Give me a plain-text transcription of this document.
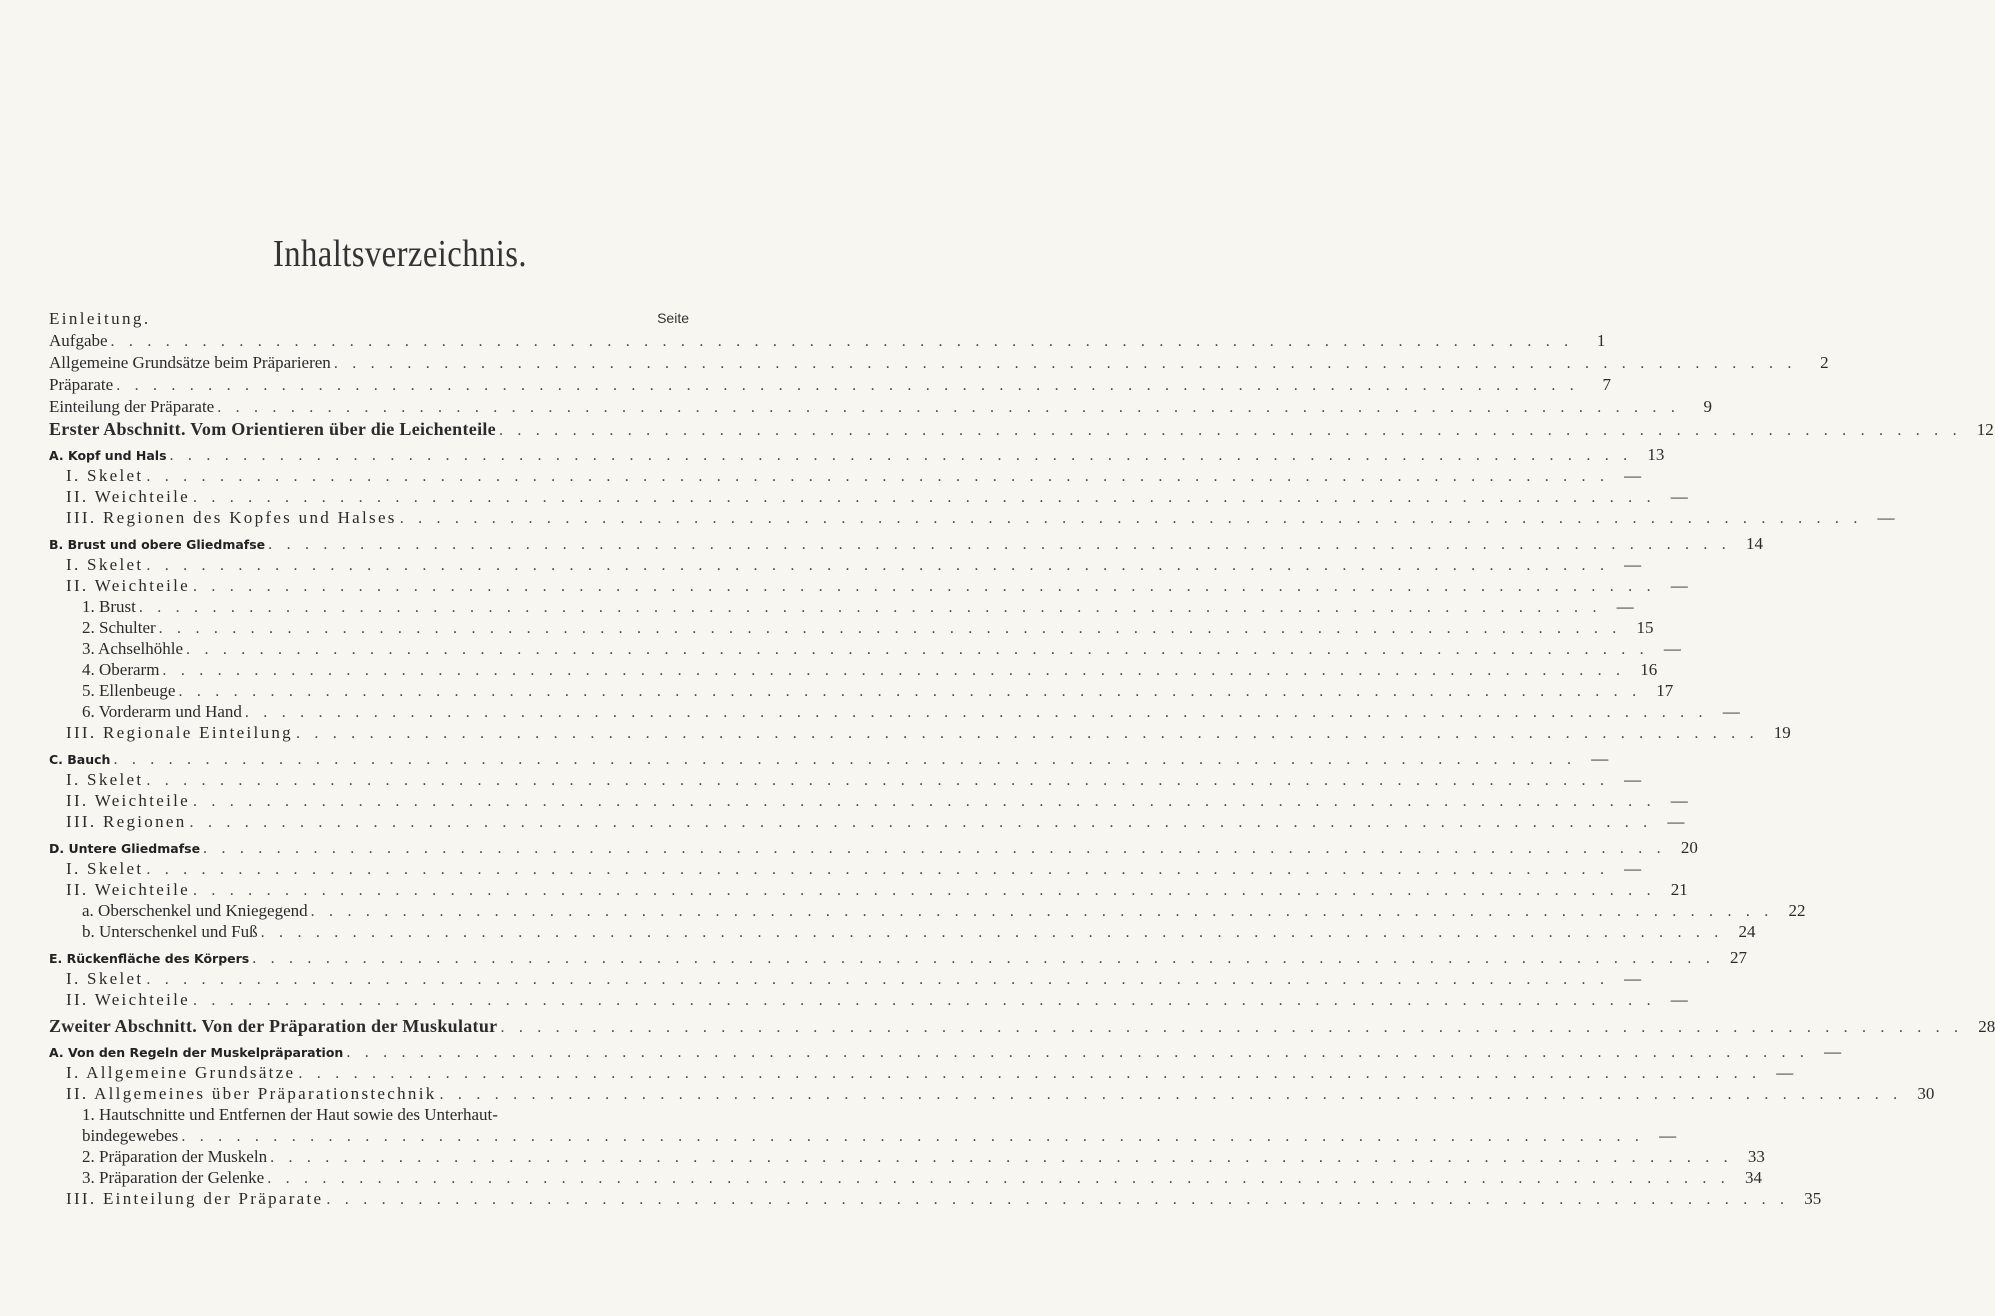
Inhaltsverzeichnis.
Seite
Einleitung.
Aufgabe . . . . . . . . . . . . . . . . . . . . . . . . . . . . . . . . . . . . . . . . . . . . . . . . . . . . . . . . . . . . . . . . . . . . . . . . . . . . . . . .	1
Allgemeine Grundsätze beim Präparieren . . . . . . . . . . . . . . . . . . . . . . . . . . . . . . . . . . . . . . . . . . . . . . . . . . . . . . . . . . . . . . . . . . . . . . . . . . . . . . . .	2
Präparate . . . . . . . . . . . . . . . . . . . . . . . . . . . . . . . . . . . . . . . . . . . . . . . . . . . . . . . . . . . . . . . . . . . . . . . . . . . . . . . .	7
Einteilung der Präparate . . . . . . . . . . . . . . . . . . . . . . . . . . . . . . . . . . . . . . . . . . . . . . . . . . . . . . . . . . . . . . . . . . . . . . . . . . . . . . . .	9
Erster Abschnitt. Vom Orientieren über die Leichenteile . . . . . . . . . . . . . . . . . . . . . . . . . . . . . . . . . . . . . . . . . . . . . . . . . . . . . . . . . . . . . . . . . . . . . . . . . . . . . . . . 12
A. Kopf und Hals . . . . . . . . . . . . . . . . . . . . . . . . . . . . . . . . . . . . . . . . . . . . . . . . . . . . . . . . . . . . . . . . . . . . . . . . . . . . . . . . 13
I. Skelet . . . . . . . . . . . . . . . . . . . . . . . . . . . . . . . . . . . . . . . . . . . . . . . . . . . . . . . . . . . . . . . . . . . . . . . . . . . . . . . . —
II. Weichteile . . . . . . . . . . . . . . . . . . . . . . . . . . . . . . . . . . . . . . . . . . . . . . . . . . . . . . . . . . . . . . . . . . . . . . . . . . . . . . . . —
III. Regionen des Kopfes und Halses . . . . . . . . . . . . . . . . . . . . . . . . . . . . . . . . . . . . . . . . . . . . . . . . . . . . . . . . . . . . . . . . . . . . . . . . . . . . . . . . —
B. Brust und obere Gliedmafse . . . . . . . . . . . . . . . . . . . . . . . . . . . . . . . . . . . . . . . . . . . . . . . . . . . . . . . . . . . . . . . . . . . . . . . . . . . . . . . . 14
I. Skelet . . . . . . . . . . . . . . . . . . . . . . . . . . . . . . . . . . . . . . . . . . . . . . . . . . . . . . . . . . . . . . . . . . . . . . . . . . . . . . . . —
II. Weichteile . . . . . . . . . . . . . . . . . . . . . . . . . . . . . . . . . . . . . . . . . . . . . . . . . . . . . . . . . . . . . . . . . . . . . . . . . . . . . . . . —
1. Brust . . . . . . . . . . . . . . . . . . . . . . . . . . . . . . . . . . . . . . . . . . . . . . . . . . . . . . . . . . . . . . . . . . . . . . . . . . . . . . . . —
2. Schulter . . . . . . . . . . . . . . . . . . . . . . . . . . . . . . . . . . . . . . . . . . . . . . . . . . . . . . . . . . . . . . . . . . . . . . . . . . . . . . . . 15
3. Achselhöhle . . . . . . . . . . . . . . . . . . . . . . . . . . . . . . . . . . . . . . . . . . . . . . . . . . . . . . . . . . . . . . . . . . . . . . . . . . . . . . . . —
4. Oberarm . . . . . . . . . . . . . . . . . . . . . . . . . . . . . . . . . . . . . . . . . . . . . . . . . . . . . . . . . . . . . . . . . . . . . . . . . . . . . . . . 16
5. Ellenbeuge . . . . . . . . . . . . . . . . . . . . . . . . . . . . . . . . . . . . . . . . . . . . . . . . . . . . . . . . . . . . . . . . . . . . . . . . . . . . . . . . 17
6. Vorderarm und Hand . . . . . . . . . . . . . . . . . . . . . . . . . . . . . . . . . . . . . . . . . . . . . . . . . . . . . . . . . . . . . . . . . . . . . . . . . . . . . . . . —
III. Regionale Einteilung . . . . . . . . . . . . . . . . . . . . . . . . . . . . . . . . . . . . . . . . . . . . . . . . . . . . . . . . . . . . . . . . . . . . . . . . . . . . . . . . 19
C. Bauch . . . . . . . . . . . . . . . . . . . . . . . . . . . . . . . . . . . . . . . . . . . . . . . . . . . . . . . . . . . . . . . . . . . . . . . . . . . . . . . . —
I. Skelet . . . . . . . . . . . . . . . . . . . . . . . . . . . . . . . . . . . . . . . . . . . . . . . . . . . . . . . . . . . . . . . . . . . . . . . . . . . . . . . . —
II. Weichteile . . . . . . . . . . . . . . . . . . . . . . . . . . . . . . . . . . . . . . . . . . . . . . . . . . . . . . . . . . . . . . . . . . . . . . . . . . . . . . . . —
III. Regionen . . . . . . . . . . . . . . . . . . . . . . . . . . . . . . . . . . . . . . . . . . . . . . . . . . . . . . . . . . . . . . . . . . . . . . . . . . . . . . . . —
D. Untere Gliedmafse . . . . . . . . . . . . . . . . . . . . . . . . . . . . . . . . . . . . . . . . . . . . . . . . . . . . . . . . . . . . . . . . . . . . . . . . . . . . . . . . 20
I. Skelet . . . . . . . . . . . . . . . . . . . . . . . . . . . . . . . . . . . . . . . . . . . . . . . . . . . . . . . . . . . . . . . . . . . . . . . . . . . . . . . . —
II. Weichteile . . . . . . . . . . . . . . . . . . . . . . . . . . . . . . . . . . . . . . . . . . . . . . . . . . . . . . . . . . . . . . . . . . . . . . . . . . . . . . . . 21
a. Oberschenkel und Kniegegend . . . . . . . . . . . . . . . . . . . . . . . . . . . . . . . . . . . . . . . . . . . . . . . . . . . . . . . . . . . . . . . . . . . . . . . . . . . . . . . . 22
b. Unterschenkel und Fuß . . . . . . . . . . . . . . . . . . . . . . . . . . . . . . . . . . . . . . . . . . . . . . . . . . . . . . . . . . . . . . . . . . . . . . . . . . . . . . . . 24
E. Rückenfläche des Körpers . . . . . . . . . . . . . . . . . . . . . . . . . . . . . . . . . . . . . . . . . . . . . . . . . . . . . . . . . . . . . . . . . . . . . . . . . . . . . . . . 27
I. Skelet . . . . . . . . . . . . . . . . . . . . . . . . . . . . . . . . . . . . . . . . . . . . . . . . . . . . . . . . . . . . . . . . . . . . . . . . . . . . . . . . —
II. Weichteile . . . . . . . . . . . . . . . . . . . . . . . . . . . . . . . . . . . . . . . . . . . . . . . . . . . . . . . . . . . . . . . . . . . . . . . . . . . . . . . . —
Zweiter Abschnitt. Von der Präparation der Muskulatur . . . . . . . . . . . . . . . . . . . . . . . . . . . . . . . . . . . . . . . . . . . . . . . . . . . . . . . . . . . . . . . . . . . . . . . . . . . . . . . . 28
A. Von den Regeln der Muskelpräparation . . . . . . . . . . . . . . . . . . . . . . . . . . . . . . . . . . . . . . . . . . . . . . . . . . . . . . . . . . . . . . . . . . . . . . . . . . . . . . . . —
I. Allgemeine Grundsätze . . . . . . . . . . . . . . . . . . . . . . . . . . . . . . . . . . . . . . . . . . . . . . . . . . . . . . . . . . . . . . . . . . . . . . . . . . . . . . . . —
II. Allgemeines über Präparationstechnik . . . . . . . . . . . . . . . . . . . . . . . . . . . . . . . . . . . . . . . . . . . . . . . . . . . . . . . . . . . . . . . . . . . . . . . . . . . . . . . . 30
1. Hautschnitte und Entfernen der Haut sowie des Unterhaut-
bindegewebes . . . . . . . . . . . . . . . . . . . . . . . . . . . . . . . . . . . . . . . . . . . . . . . . . . . . . . . . . . . . . . . . . . . . . . . . . . . . . . . . —
2. Präparation der Muskeln . . . . . . . . . . . . . . . . . . . . . . . . . . . . . . . . . . . . . . . . . . . . . . . . . . . . . . . . . . . . . . . . . . . . . . . . . . . . . . . . 33
3. Präparation der Gelenke . . . . . . . . . . . . . . . . . . . . . . . . . . . . . . . . . . . . . . . . . . . . . . . . . . . . . . . . . . . . . . . . . . . . . . . . . . . . . . . . 34
III. Einteilung der Präparate . . . . . . . . . . . . . . . . . . . . . . . . . . . . . . . . . . . . . . . . . . . . . . . . . . . . . . . . . . . . . . . . . . . . . . . . . . . . . . . . 35
